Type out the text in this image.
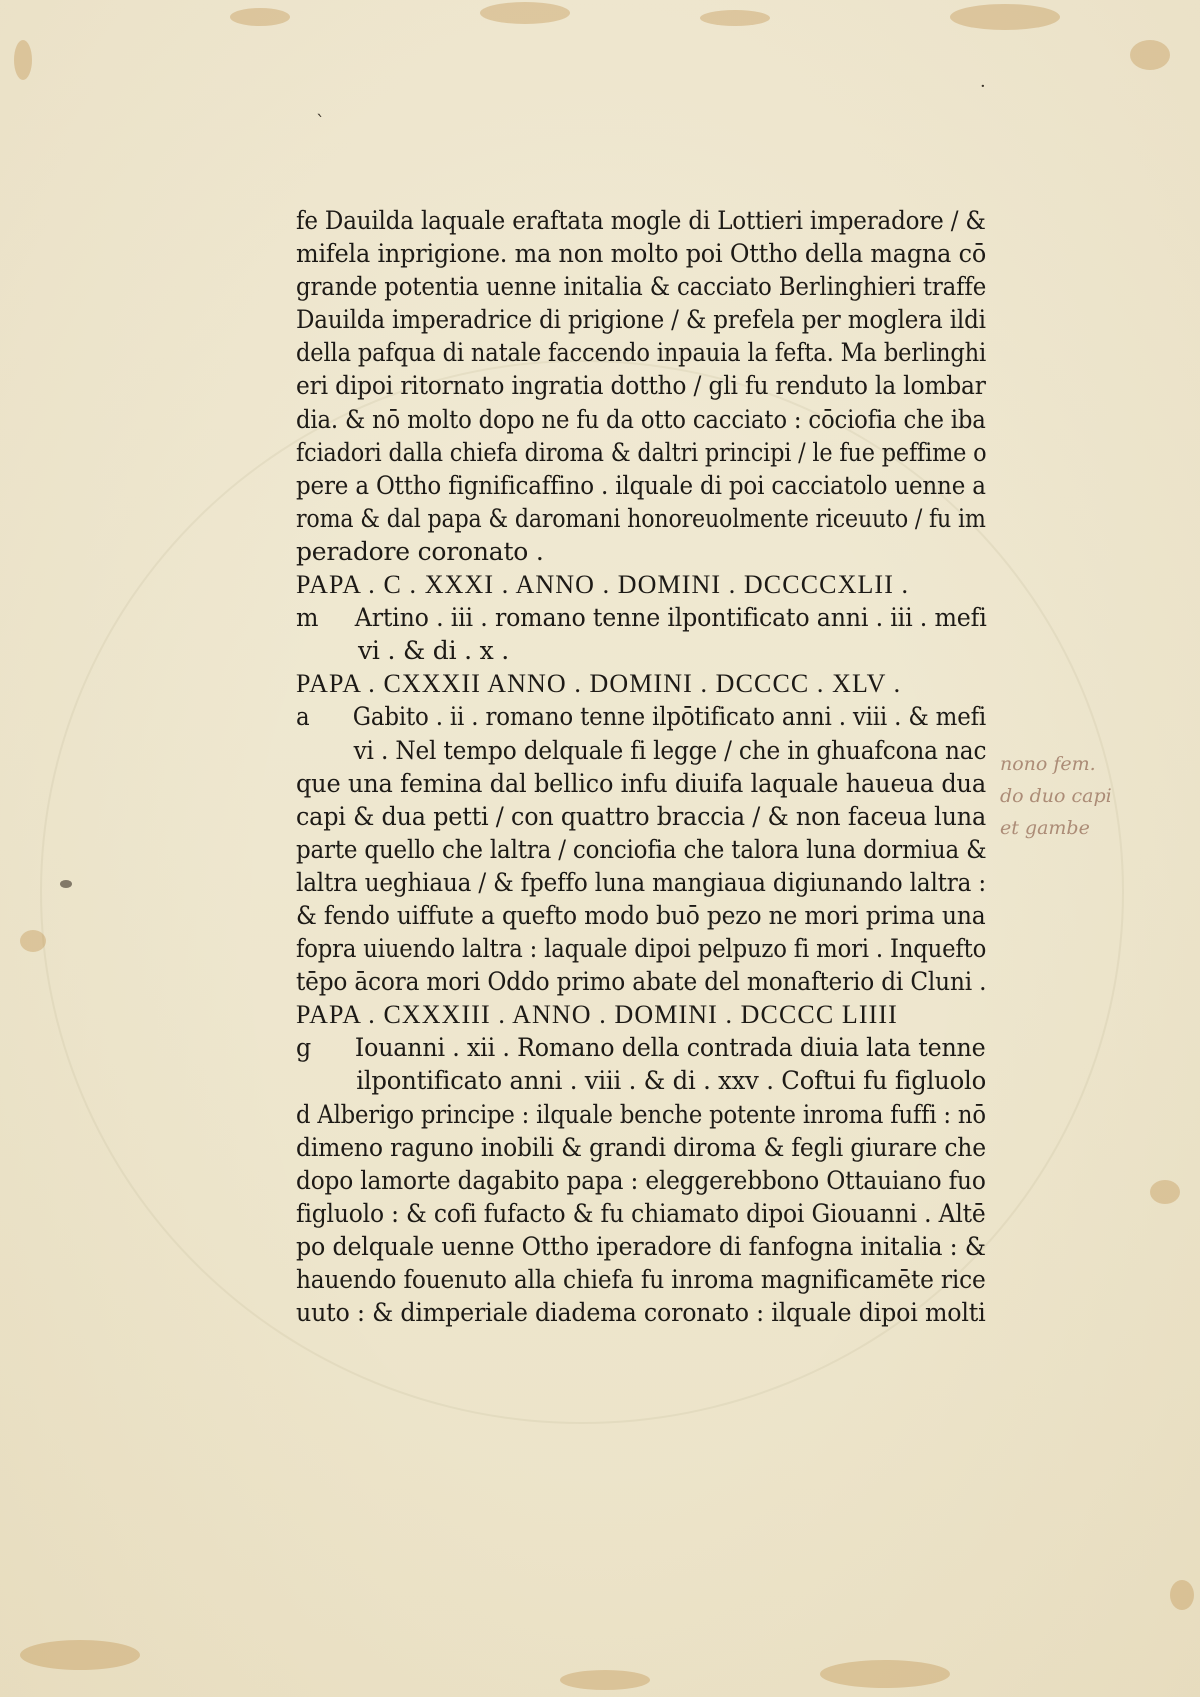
·
`
fe Dauilda laquale eraftata mogle di Lottieri imperadore / &
mifela inprigione. ma non molto poi Ottho della magna cō
grande potentia uenne initalia & cacciato Berlinghieri traffe
Dauilda imperadrice di prigione / & prefela per moglera ildi
della pafqua di natale faccendo inpauia la fefta. Ma berlinghi
eri dipoi ritornato ingratia dottho / gli fu renduto la lombar
dia. & nō molto dopo ne fu da otto cacciato : cōciofia che iba
fciadori dalla chiefa diroma & daltri principi / le fue peffime o
pere a Ottho fignificaffino . ilquale di poi cacciatolo uenne a
roma & dal papa & daromani honoreuolmente riceuuto / fu im
peradore coronato .
PAPA . C . XXXI . ANNO . DOMINI . DCCCCXLII .
m Artino . iii . romano tenne ilpontificato anni . iii . mefi
vi . & di . x .
PAPA . CXXXII ANNO . DOMINI . DCCCC . XLV .
a Gabito . ii . romano tenne ilpōtificato anni . viii . & mefi
vi . Nel tempo delquale fi legge / che in ghuafcona nac
que una femina dal bellico infu diuifa laquale haueua dua
capi & dua petti / con quattro braccia / & non faceua luna
parte quello che laltra / conciofia che talora luna dormiua &
laltra ueghiaua / & fpeffo luna mangiaua digiunando laltra :
& fendo uiffute a quefto modo buō pezo ne mori prima una
fopra uiuendo laltra : laquale dipoi pelpuzo fi mori . Inquefto
tēpo ācora mori Oddo primo abate del monafterio di Cluni .
PAPA . CXXXIII . ANNO . DOMINI . DCCCC LIIII
g Iouanni . xii . Romano della contrada diuia lata tenne
ilpontificato anni . viii . & di . xxv . Coftui fu figluolo
d Alberigo principe : ilquale benche potente inroma fuffi : nō
dimeno raguno inobili & grandi diroma & fegli giurare che
dopo lamorte dagabito papa : eleggerebbono Ottauiano fuo
figluolo : & cofi fufacto & fu chiamato dipoi Giouanni . Altē
po delquale uenne Ottho iperadore di fanfogna initalia : &
hauendo fouenuto alla chiefa fu inroma magnificamēte rice
uuto : & dimperiale diadema coronato : ilquale dipoi molti
nono fem.
do duo capi
et gambe
